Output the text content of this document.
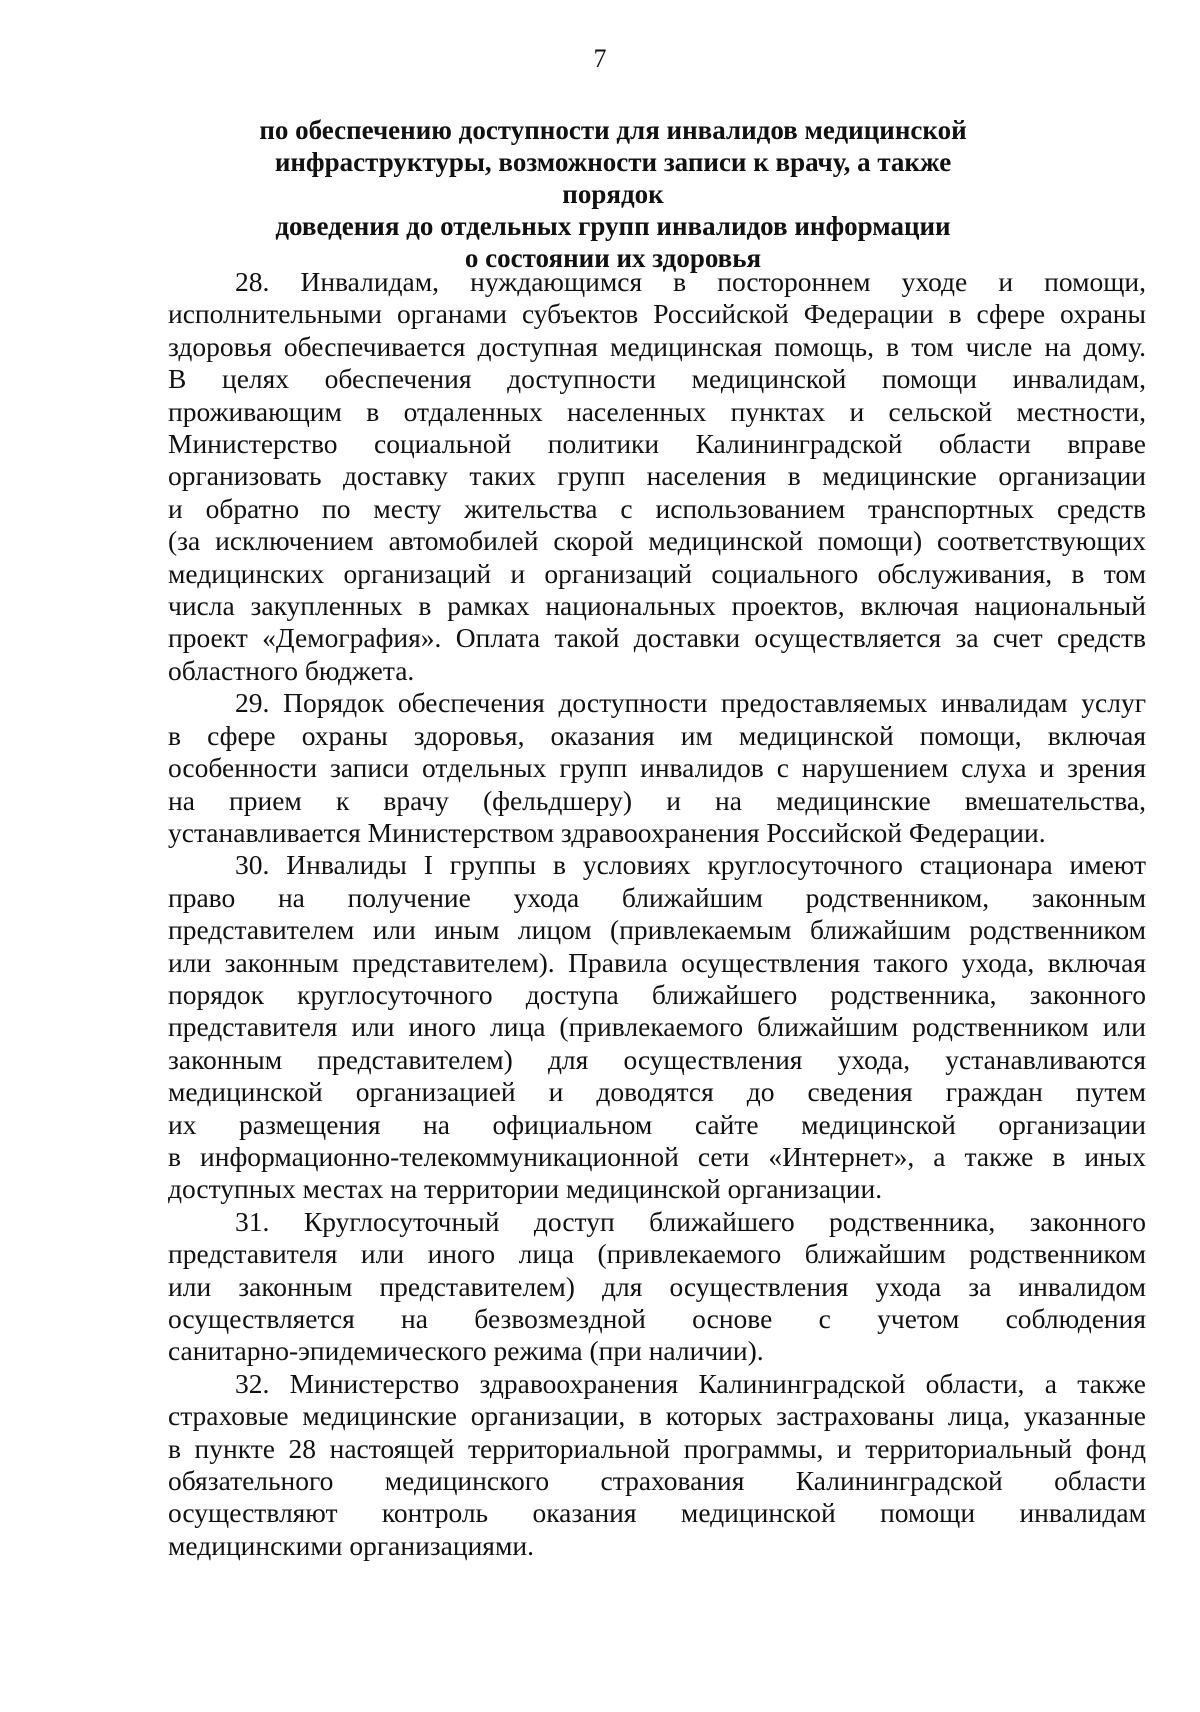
7
по обеспечению доступности для инвалидов медицинской
инфраструктуры, возможности записи к врачу, а также порядок
доведения до отдельных групп инвалидов информации
о состоянии их здоровья

28. Инвалидам, нуждающимся в постороннем уходе и помощи,
исполнительными органами субъектов Российской Федерации в сфере охраны
здоровья обеспечивается доступная медицинская помощь, в том числе на дому.
В целях обеспечения доступности медицинской помощи инвалидам,
проживающим в отдаленных населенных пунктах и сельской местности,
Министерство социальной политики Калининградской области вправе
организовать доставку таких групп населения в медицинские организации
и обратно по месту жительства с использованием транспортных средств
(за исключением автомобилей скорой медицинской помощи) соответствующих
медицинских организаций и организаций социального обслуживания, в том
числа закупленных в рамках национальных проектов, включая национальный
проект «Демография». Оплата такой доставки осуществляется за счет средств
областного бюджета.

29. Порядок обеспечения доступности предоставляемых инвалидам услуг
в сфере охраны здоровья, оказания им медицинской помощи, включая
особенности записи отдельных групп инвалидов с нарушением слуха и зрения
на прием к врачу (фельдшеру) и на медицинские вмешательства,
устанавливается Министерством здравоохранения Российской Федерации.

30. Инвалиды I группы в условиях круглосуточного стационара имеют
право на получение ухода ближайшим родственником, законным
представителем или иным лицом (привлекаемым ближайшим родственником
или законным представителем). Правила осуществления такого ухода, включая
порядок круглосуточного доступа ближайшего родственника, законного
представителя или иного лица (привлекаемого ближайшим родственником или
законным представителем) для осуществления ухода, устанавливаются
медицинской организацией и доводятся до сведения граждан путем
их размещения на официальном сайте медицинской организации
в информационно-телекоммуникационной сети «Интернет», а также в иных
доступных местах на территории медицинской организации.

31. Круглосуточный доступ ближайшего родственника, законного
представителя или иного лица (привлекаемого ближайшим родственником
или законным представителем) для осуществления ухода за инвалидом
осуществляется на безвозмездной основе с учетом соблюдения
санитарно-эпидемического режима (при наличии).

32. Министерство здравоохранения Калининградской области, а также
страховые медицинские организации, в которых застрахованы лица, указанные
в пункте 28 настоящей территориальной программы, и территориальный фонд
обязательного медицинского страхования Калининградской области
осуществляют контроль оказания медицинской помощи инвалидам
медицинскими организациями.
